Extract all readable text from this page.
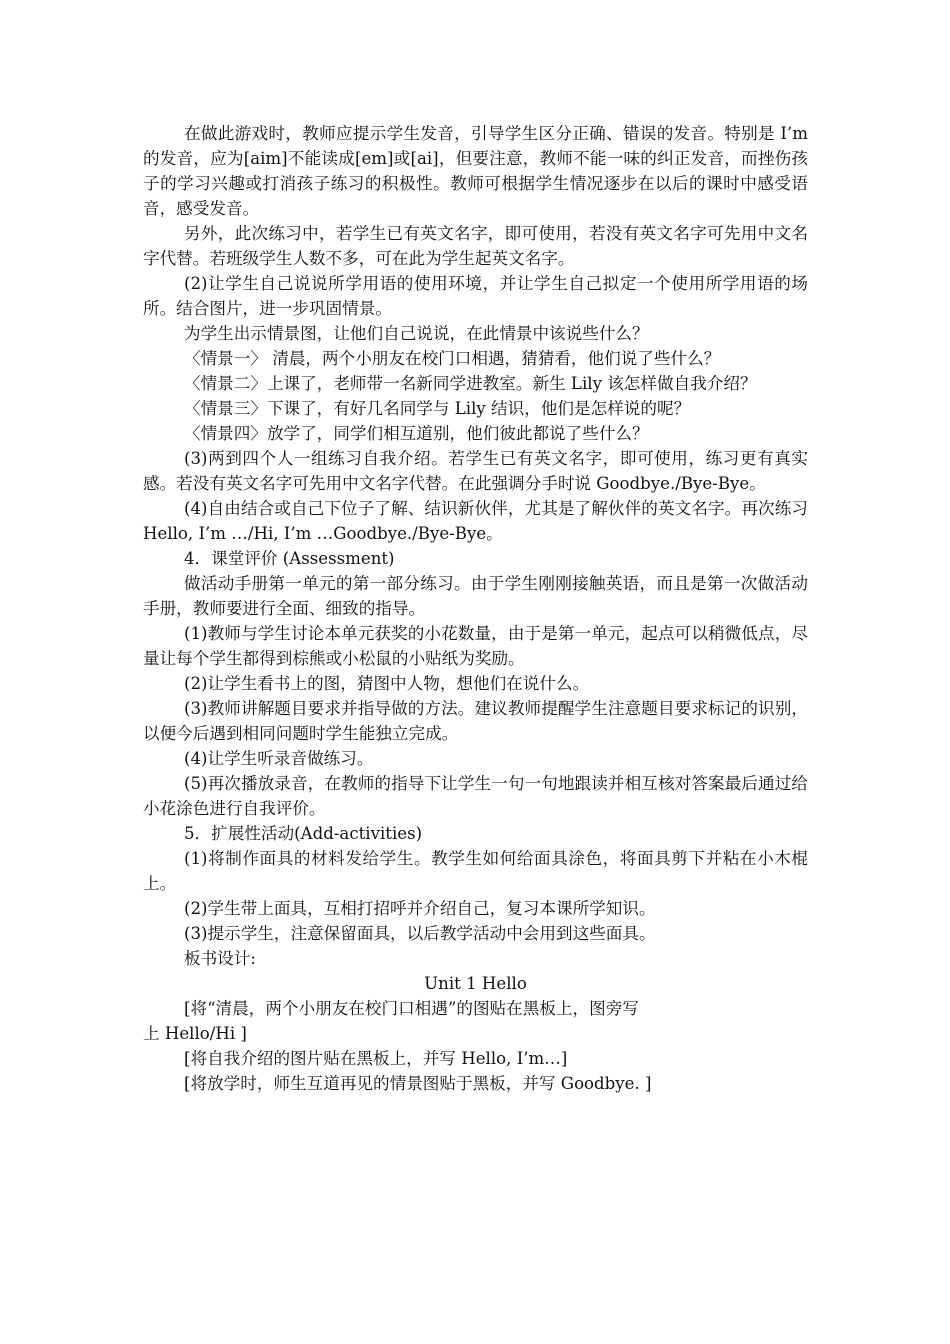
在做此游戏时，教师应提示学生发音，引导学生区分正确、错误的发音。特别是 I’m 的发音，应为[aim]不能读成[em]或[ai]，但要注意，教师不能一味的纠正发音，而挫伤孩子的学习兴趣或打消孩子练习的积极性。教师可根据学生情况逐步在以后的课时中感受语音，感受发音。

另外，此次练习中，若学生已有英文名字，即可使用，若没有英文名字可先用中文名字代替。若班级学生人数不多，可在此为学生起英文名字。

(2)让学生自己说说所学用语的使用环境，并让学生自己拟定一个使用所学用语的场所。结合图片，进一步巩固情景。

为学生出示情景图，让他们自己说说，在此情景中该说些什么？

〈情景一〉 清晨，两个小朋友在校门口相遇，猜猜看，他们说了些什么？

〈情景二〉上课了，老师带一名新同学进教室。新生 Lily 该怎样做自我介绍？

〈情景三〉下课了，有好几名同学与 Lily 结识，他们是怎样说的呢？

〈情景四〉放学了，同学们相互道别，他们彼此都说了些什么？

(3)两到四个人一组练习自我介绍。若学生已有英文名字，即可使用，练习更有真实感。若没有英文名字可先用中文名字代替。在此强调分手时说 Goodbye./Bye-Bye。

(4)自由结合或自己下位子了解、结识新伙伴，尤其是了解伙伴的英文名字。再次练习 Hello, I’m …/Hi, I’m …Goodbye./Bye-Bye。

4．课堂评价 (Assessment)

做活动手册第一单元的第一部分练习。由于学生刚刚接触英语，而且是第一次做活动手册，教师要进行全面、细致的指导。

(1)教师与学生讨论本单元获奖的小花数量，由于是第一单元，起点可以稍微低点，尽量让每个学生都得到棕熊或小松鼠的小贴纸为奖励。

(2)让学生看书上的图，猜图中人物，想他们在说什么。

(3)教师讲解题目要求并指导做的方法。建议教师提醒学生注意题目要求标记的识别，以便今后遇到相同问题时学生能独立完成。

(4)让学生听录音做练习。

(5)再次播放录音，在教师的指导下让学生一句一句地跟读并相互核对答案最后通过给小花涂色进行自我评价。

5．扩展性活动(Add-activities)

(1)将制作面具的材料发给学生。教学生如何给面具涂色，将面具剪下并粘在小木棍上。

(2)学生带上面具，互相打招呼并介绍自己，复习本课所学知识。

(3)提示学生，注意保留面具，以后教学活动中会用到这些面具。

板书设计:

Unit 1 Hello

[将“清晨，两个小朋友在校门口相遇”的图贴在黑板上，图旁写

上 Hello/Hi ]

[将自我介绍的图片贴在黑板上，并写 Hello, I’m…]

[将放学时，师生互道再见的情景图贴于黑板，并写 Goodbye. ]
